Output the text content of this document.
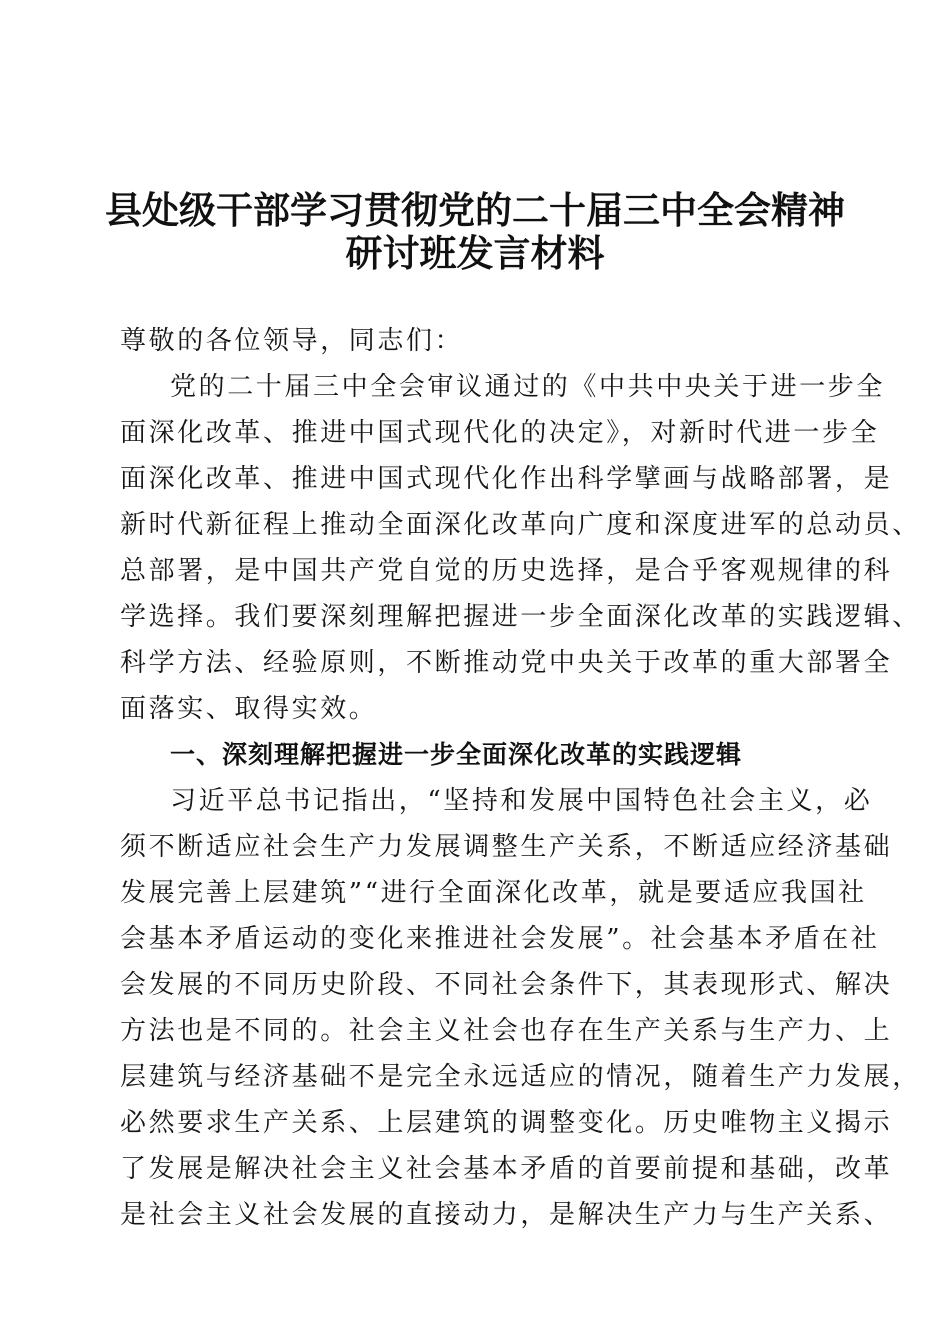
县处级干部学习贯彻党的二十届三中全会精神
研讨班发言材料
尊敬的各位领导，同志们：
党的二十届三中全会审议通过的《中共中央关于进一步全
面深化改革、推进中国式现代化的决定》，对新时代进一步全
面深化改革、推进中国式现代化作出科学擘画与战略部署，是
新时代新征程上推动全面深化改革向广度和深度进军的总动员、
总部署，是中国共产党自觉的历史选择，是合乎客观规律的科
学选择。我们要深刻理解把握进一步全面深化改革的实践逻辑、
科学方法、经验原则，不断推动党中央关于改革的重大部署全
面落实、取得实效。
一、深刻理解把握进一步全面深化改革的实践逻辑
习近平总书记指出，“坚持和发展中国特色社会主义，必
须不断适应社会生产力发展调整生产关系，不断适应经济基础
发展完善上层建筑”“进行全面深化改革，就是要适应我国社
会基本矛盾运动的变化来推进社会发展”。社会基本矛盾在社
会发展的不同历史阶段、不同社会条件下，其表现形式、解决
方法也是不同的。社会主义社会也存在生产关系与生产力、上
层建筑与经济基础不是完全永远适应的情况，随着生产力发展，
必然要求生产关系、上层建筑的调整变化。历史唯物主义揭示
了发展是解决社会主义社会基本矛盾的首要前提和基础，改革
是社会主义社会发展的直接动力，是解决生产力与生产关系、
